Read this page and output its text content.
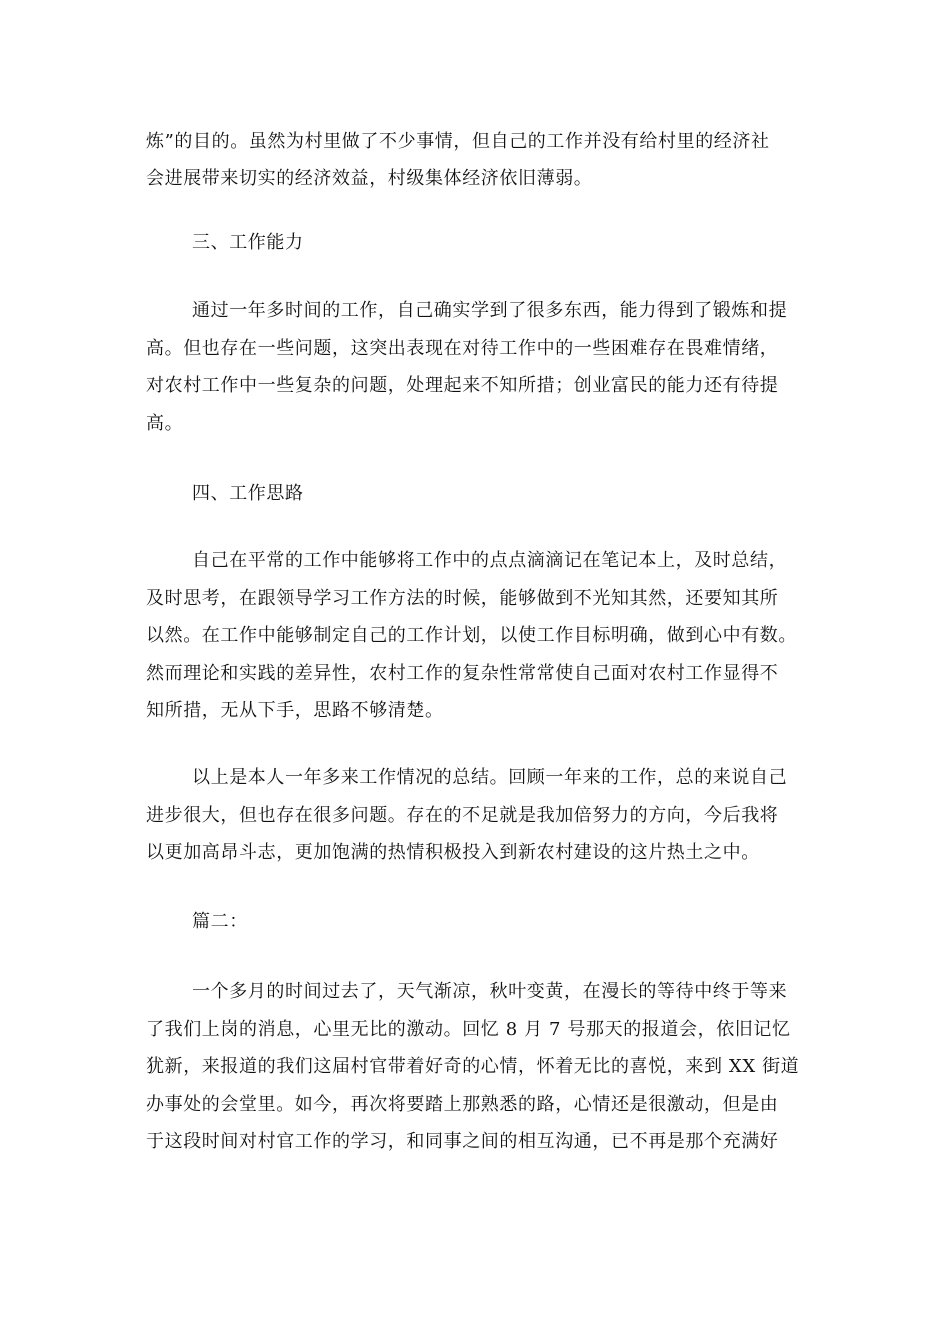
炼”的目的。虽然为村里做了不少事情，但自己的工作并没有给村里的经济社
会进展带来切实的经济效益，村级集体经济依旧薄弱。
三、工作能力
通过一年多时间的工作，自己确实学到了很多东西，能力得到了锻炼和提
高。但也存在一些问题，这突出表现在对待工作中的一些困难存在畏难情绪，
对农村工作中一些复杂的问题，处理起来不知所措；创业富民的能力还有待提
高。
四、工作思路
自己在平常的工作中能够将工作中的点点滴滴记在笔记本上，及时总结，
及时思考，在跟领导学习工作方法的时候，能够做到不光知其然，还要知其所
以然。在工作中能够制定自己的工作计划，以使工作目标明确，做到心中有数。
然而理论和实践的差异性，农村工作的复杂性常常使自己面对农村工作显得不
知所措，无从下手，思路不够清楚。
以上是本人一年多来工作情况的总结。回顾一年来的工作，总的来说自己
进步很大，但也存在很多问题。存在的不足就是我加倍努力的方向，今后我将
以更加高昂斗志，更加饱满的热情积极投入到新农村建设的这片热土之中。
篇二：
一个多月的时间过去了，天气渐凉，秋叶变黄，在漫长的等待中终于等来
了我们上岗的消息，心里无比的激动。回忆 8 月 7 号那天的报道会，依旧记忆
犹新，来报道的我们这届村官带着好奇的心情，怀着无比的喜悦，来到 XX 街道
办事处的会堂里。如今，再次将要踏上那熟悉的路，心情还是很激动，但是由
于这段时间对村官工作的学习，和同事之间的相互沟通，已不再是那个充满好
